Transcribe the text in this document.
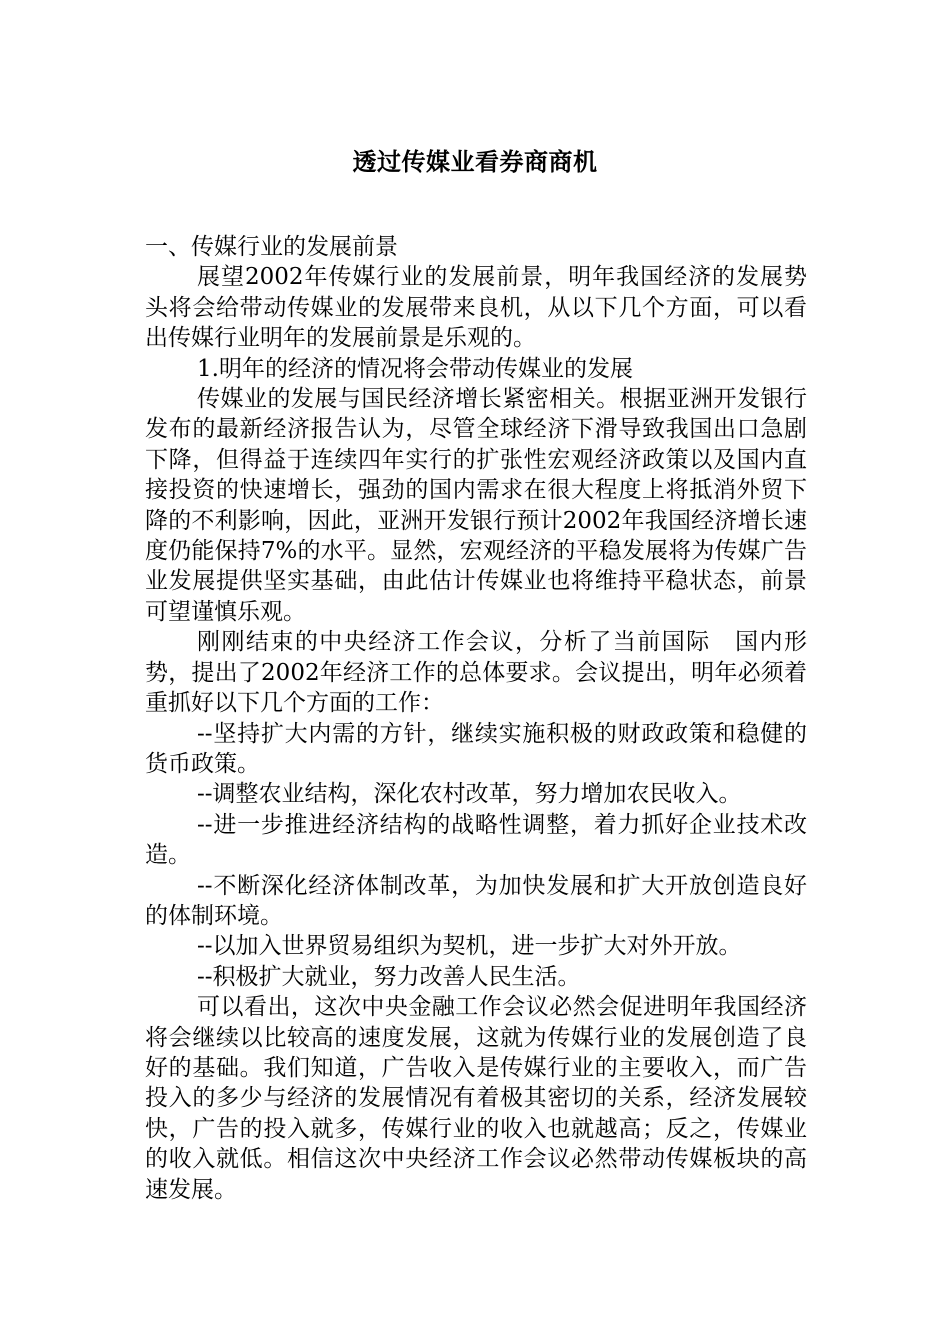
透过传媒业看券商商机

一、传媒行业的发展前景

展望2002年传媒行业的发展前景，明年我国经济的发展势头将会给带动传媒业的发展带来良机，从以下几个方面，可以看出传媒行业明年的发展前景是乐观的。

1.明年的经济的情况将会带动传媒业的发展

传媒业的发展与国民经济增长紧密相关。根据亚洲开发银行发布的最新经济报告认为，尽管全球经济下滑导致我国出口急剧下降，但得益于连续四年实行的扩张性宏观经济政策以及国内直接投资的快速增长，强劲的国内需求在很大程度上将抵消外贸下降的不利影响，因此，亚洲开发银行预计2002年我国经济增长速度仍能保持7%的水平。显然，宏观经济的平稳发展将为传媒广告业发展提供坚实基础，由此估计传媒业也将维持平稳状态，前景可望谨慎乐观。

刚刚结束的中央经济工作会议，分析了当前国际　国内形势，提出了2002年经济工作的总体要求。会议提出，明年必须着重抓好以下几个方面的工作：

--坚持扩大内需的方针，继续实施积极的财政政策和稳健的货币政策。

--调整农业结构，深化农村改革，努力增加农民收入。

--进一步推进经济结构的战略性调整，着力抓好企业技术改造。

--不断深化经济体制改革，为加快发展和扩大开放创造良好的体制环境。

--以加入世界贸易组织为契机，进一步扩大对外开放。

--积极扩大就业，努力改善人民生活。

可以看出，这次中央金融工作会议必然会促进明年我国经济将会继续以比较高的速度发展，这就为传媒行业的发展创造了良好的基础。我们知道，广告收入是传媒行业的主要收入，而广告投入的多少与经济的发展情况有着极其密切的关系，经济发展较快，广告的投入就多，传媒行业的收入也就越高；反之，传媒业的收入就低。相信这次中央经济工作会议必然带动传媒板块的高速发展。
